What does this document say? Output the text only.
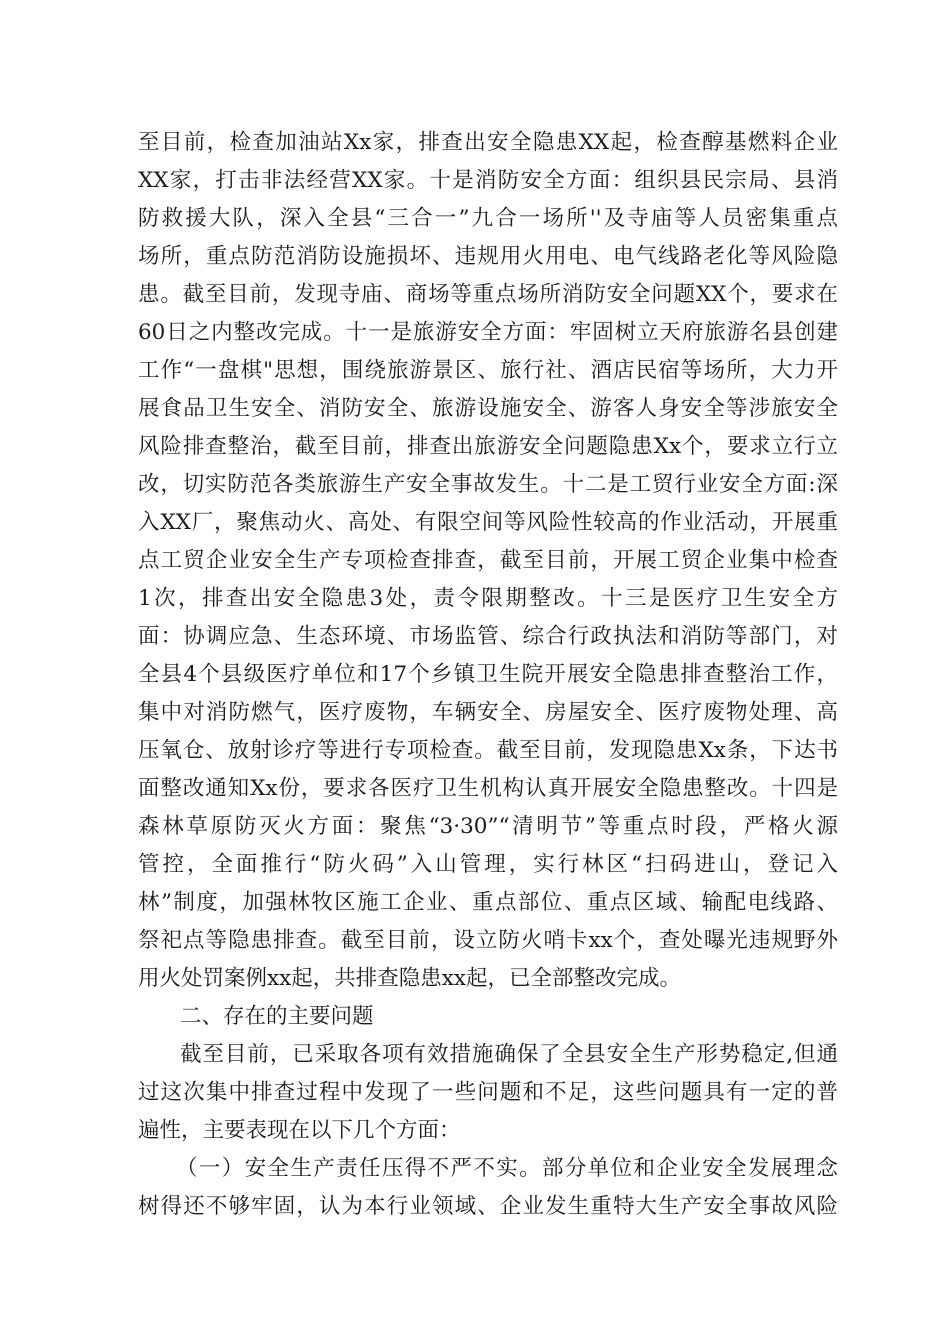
至目前，检查加油站Xx家，排查出安全隐患XX起，检查醇基燃料企业
XX家，打击非法经营XX家。十是消防安全方面：组织县民宗局、县消
防救援大队，深入全县“三合一”九合一场所''及寺庙等人员密集重点
场所，重点防范消防设施损坏、违规用火用电、电气线路老化等风险隐
患。截至目前，发现寺庙、商场等重点场所消防安全问题XX个，要求在
60日之内整改完成。十一是旅游安全方面：牢固树立天府旅游名县创建
工作“一盘棋"思想，围绕旅游景区、旅行社、酒店民宿等场所，大力开
展食品卫生安全、消防安全、旅游设施安全、游客人身安全等涉旅安全
风险排查整治，截至目前，排查出旅游安全问题隐患Xx个，要求立行立
改，切实防范各类旅游生产安全事故发生。十二是工贸行业安全方面:深
入XX厂，聚焦动火、高处、有限空间等风险性较高的作业活动，开展重
点工贸企业安全生产专项检查排查，截至目前，开展工贸企业集中检查
1次，排查出安全隐患3处，责令限期整改。十三是医疗卫生安全方
面：协调应急、生态环境、市场监管、综合行政执法和消防等部门，对
全县4个县级医疗单位和17个乡镇卫生院开展安全隐患排查整治工作，
集中对消防燃气，医疗废物，车辆安全、房屋安全、医疗废物处理、高
压氧仓、放射诊疗等进行专项检查。截至目前，发现隐患Xx条，下达书
面整改通知Xx份，要求各医疗卫生机构认真开展安全隐患整改。十四是
森林草原防灭火方面：聚焦“3·30”“清明节”等重点时段，严格火源
管控，全面推行“防火码”入山管理，实行林区“扫码进山，登记入
林”制度，加强林牧区施工企业、重点部位、重点区域、输配电线路、
祭祀点等隐患排查。截至目前，设立防火哨卡xx个，查处曝光违规野外
用火处罚案例xx起，共排查隐患xx起，已全部整改完成。
二、存在的主要问题
截至目前，已采取各项有效措施确保了全县安全生产形势稳定,但通
过这次集中排查过程中发现了一些问题和不足，这些问题具有一定的普
遍性，主要表现在以下几个方面：
（一）安全生产责任压得不严不实。部分单位和企业安全发展理念
树得还不够牢固，认为本行业领域、企业发生重特大生产安全事故风险
